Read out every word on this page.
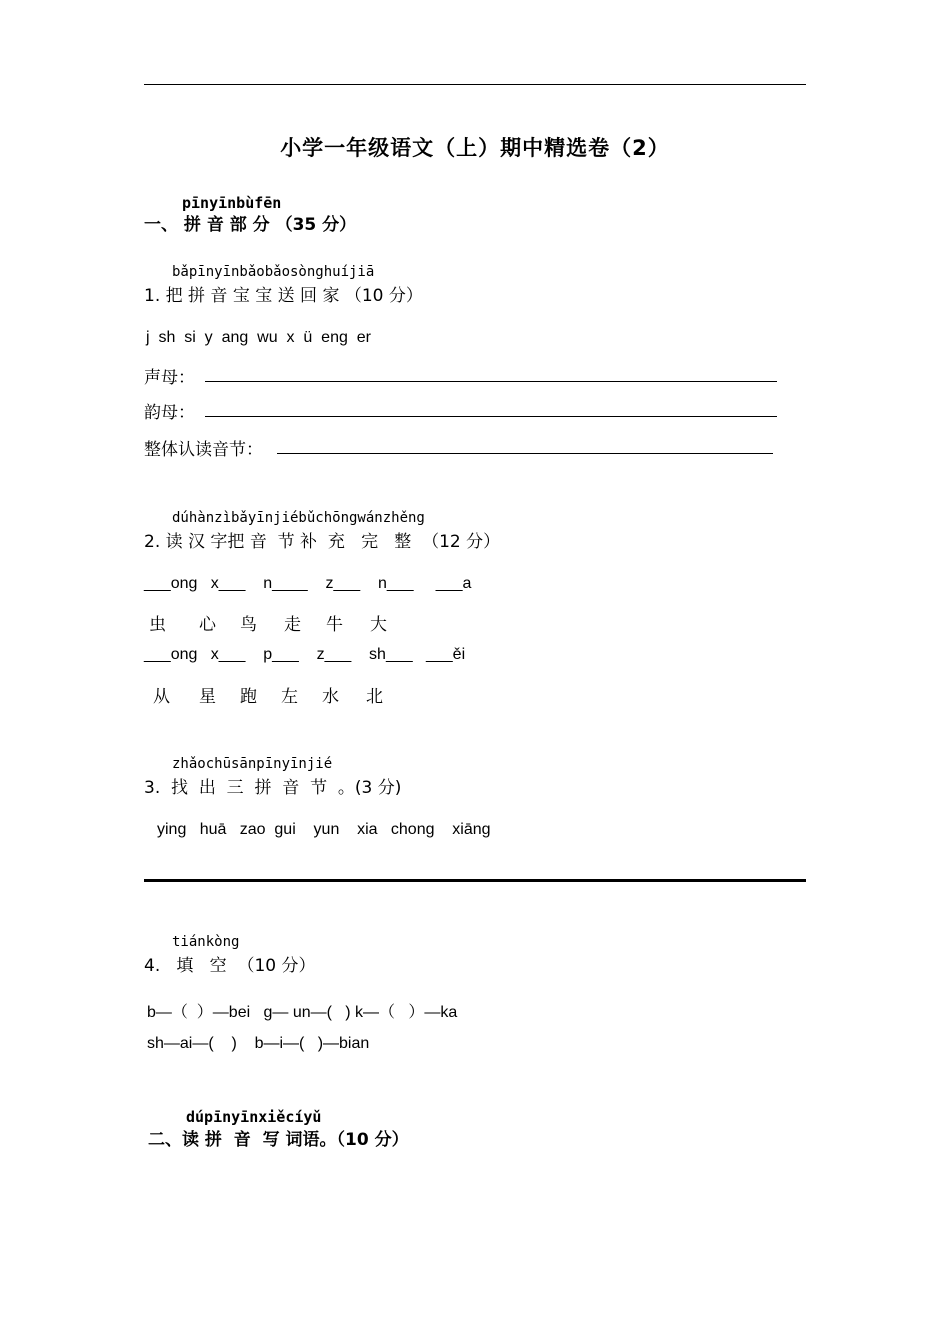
小学一年级语文（上）期中精选卷（2）
pīnyīnbùfēn
一、 拼 音 部 分 （35 分）
bǎpīnyīnbǎobǎosònghuíjiā
1. 把 拼 音 宝 宝 送 回 家 （10 分）
j  sh  si  y  ang  wu  x  ü  eng  er
声母：
韵母：
整体认读音节：
dúhànzìbǎyīnjiébǔchōngwánzhěng
2. 读 汉 字把 音  节 补  充   完   整  （12 分）
___ong   x___    n____    z___    n___     ___a
虫 心 鸟 走 牛 大
___ong   x___    p___    z___    sh___   ___ěi
从 星 跑 左 水 北
zhǎochūsānpīnyīnjié
3.  找  出  三  拼  音  节  。(3 分)
ying   huā   zao  gui    yun    xia   chong    xiāng
tiánkòng
4.   填   空  （10 分）
b—（  ）—bei   g— un—(   ) k—（   ）—ka
sh—ai—(    )    b—i—(   )—bian
dúpīnyīnxiěcíyǔ
二、读 拼  音  写 词语。（10 分）
